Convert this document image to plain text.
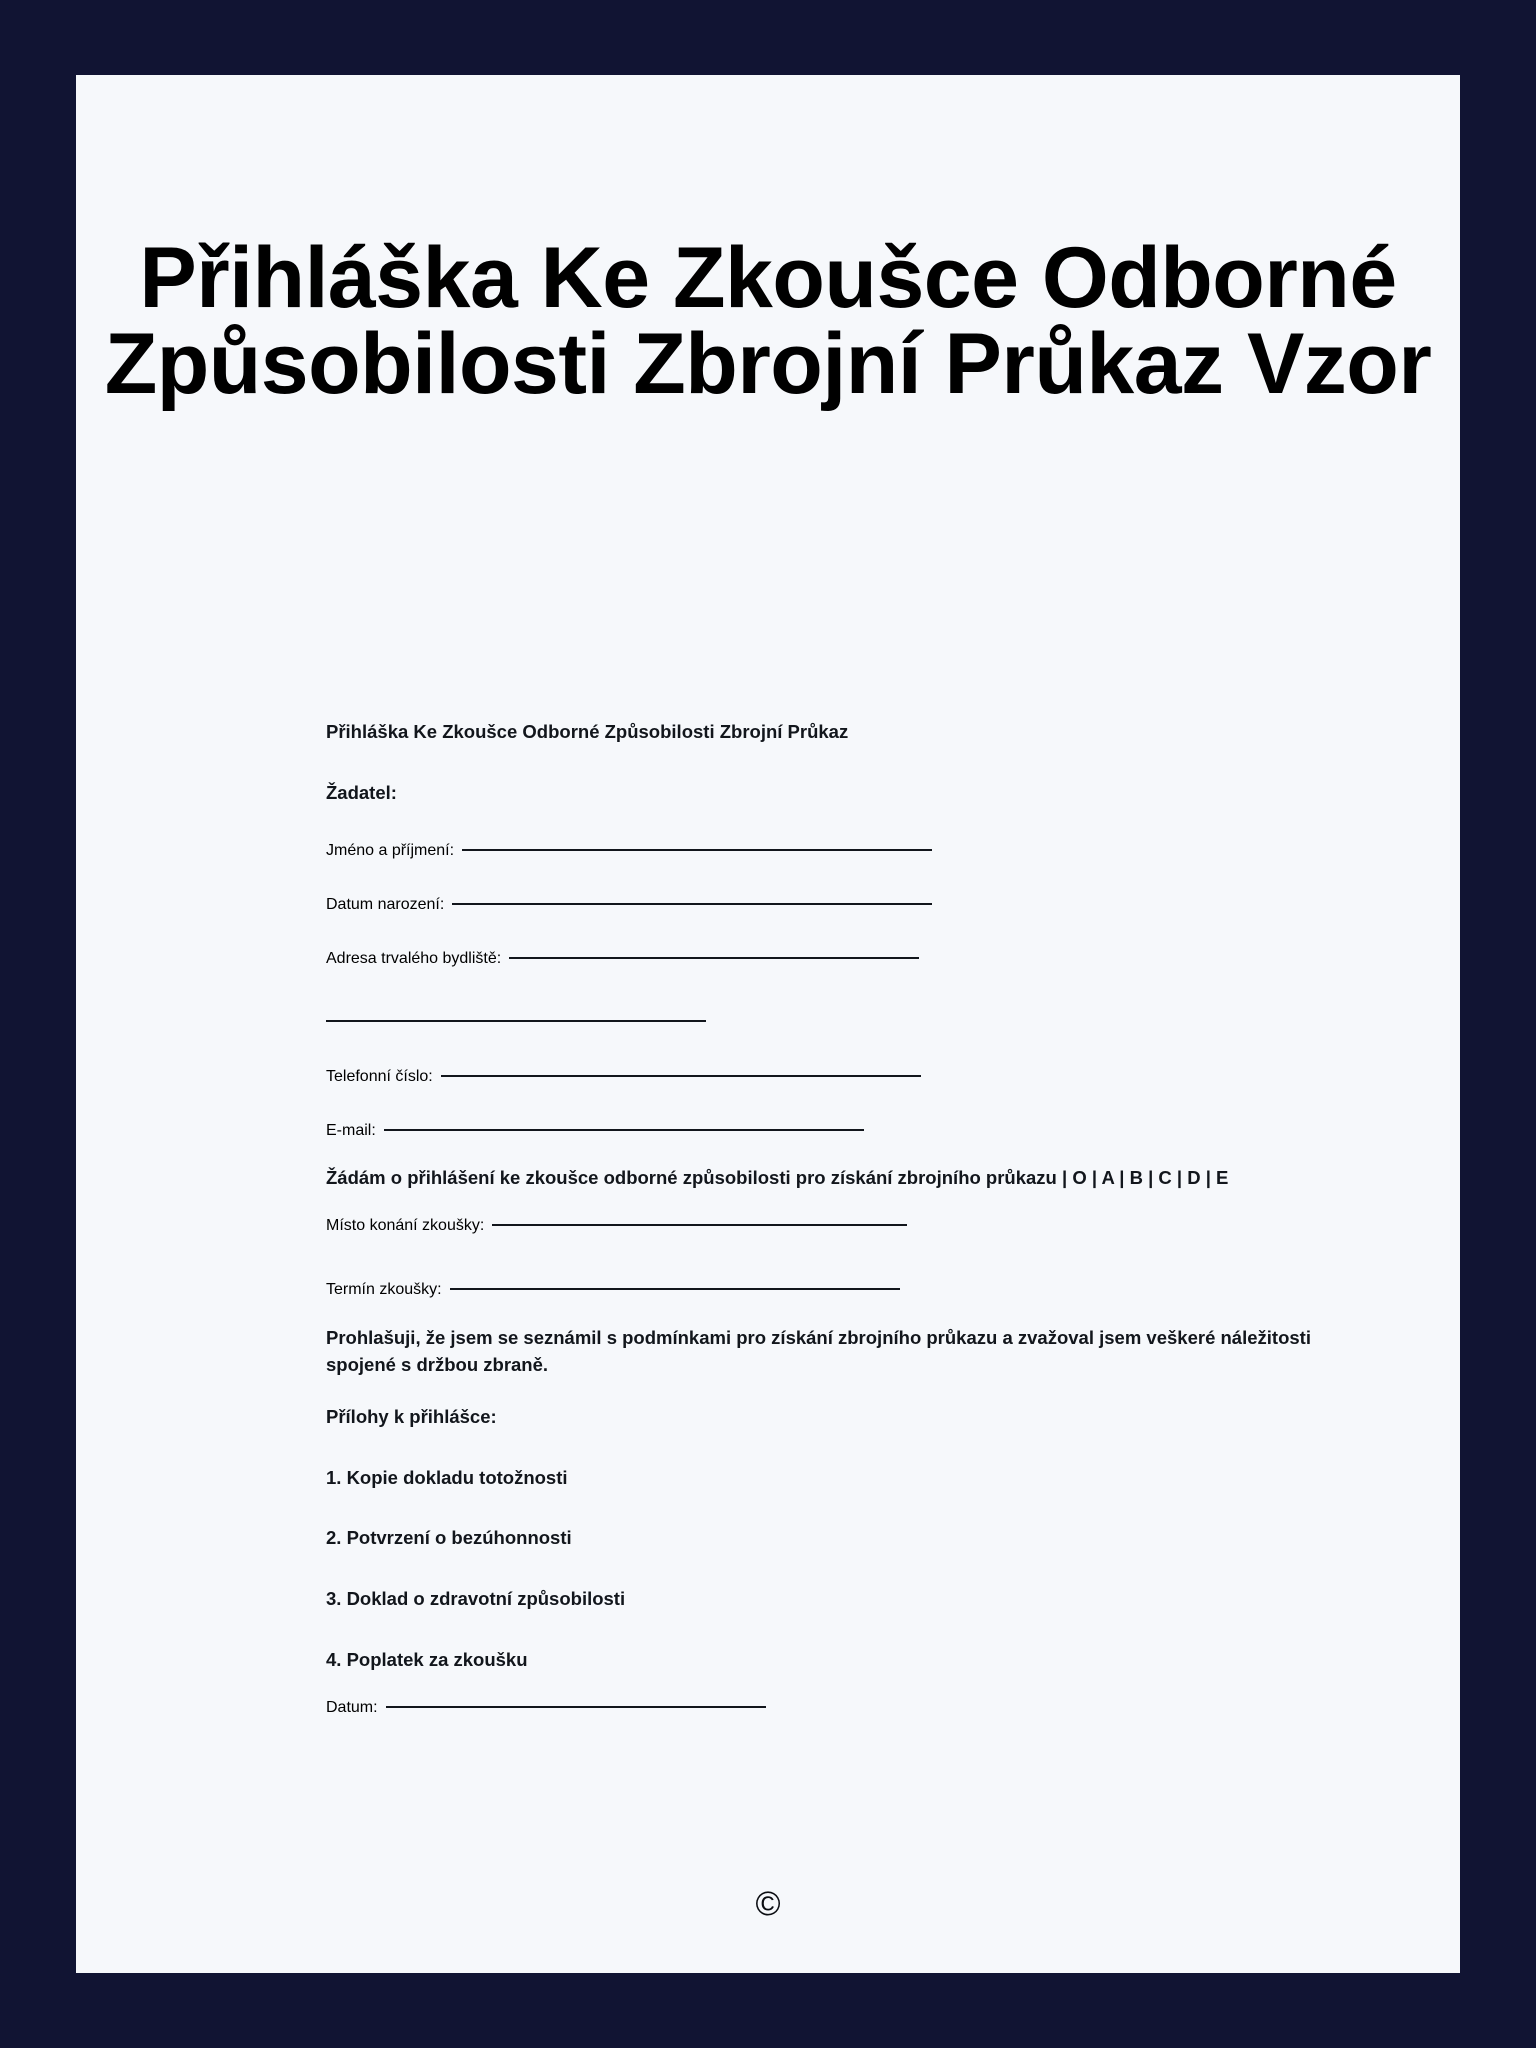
Přihláška Ke Zkoušce Odborné Způsobilosti Zbrojní Průkaz Vzor

Přihláška Ke Zkoušce Odborné Způsobilosti Zbrojní Průkaz

Žadatel:

Jméno a příjmení:
Datum narození:
Adresa trvalého bydliště:
Telefonní číslo:
E-mail:

Žádám o přihlášení ke zkoušce odborné způsobilosti pro získání zbrojního průkazu | O | A | B | C | D | E

Místo konání zkoušky:
Termín zkoušky:

Prohlašuji, že jsem se seznámil s podmínkami pro získání zbrojního průkazu a zvažoval jsem veškeré náležitosti spojené s držbou zbraně.

Přílohy k přihlášce:

1. Kopie dokladu totožnosti

2. Potvrzení o bezúhonnosti

3. Doklad o zdravotní způsobilosti

4. Poplatek za zkoušku

Datum:
©
